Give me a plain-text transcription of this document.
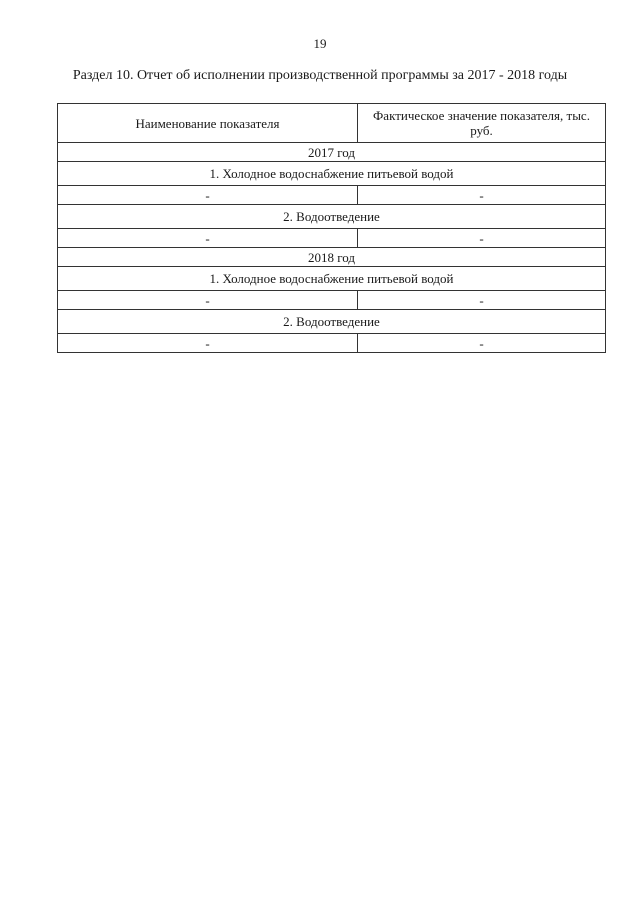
19
Раздел 10. Отчет об исполнении производственной программы за 2017 - 2018 годы
Наименование показателя	Фактическое значение показателя, тыс. руб.
2017 год	
1. Холодное водоснабжение питьевой водой	
-	-
2. Водоотведение	
-	-
2018 год	
1. Холодное водоснабжение питьевой водой	
-	-
2. Водоотведение	
-	-
